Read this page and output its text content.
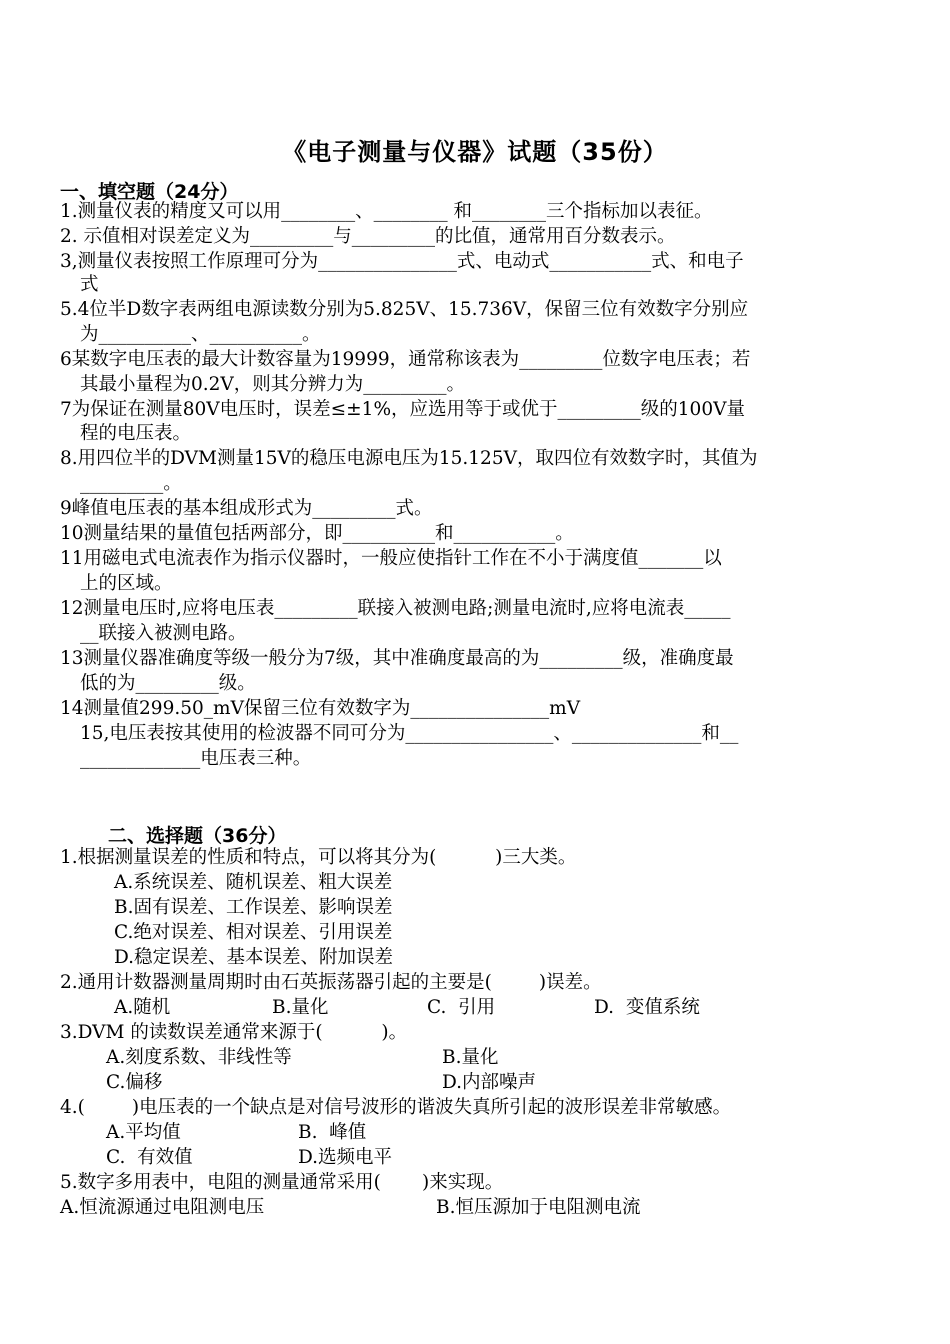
《电子测量与仪器》试题（35份）
一、填空题（24分）
1.测量仪表的精度又可以用________、________ 和________三个指标加以表征。
2. 示值相对误差定义为_________与_________的比值，通常用百分数表示。
3,测量仪表按照工作原理可分为_______________式、电动式___________式、和电子
式
5.4位半D数字表两组电源读数分别为5.825V、15.736V，保留三位有效数字分别应
为__________、__________。
6某数字电压表的最大计数容量为19999，通常称该表为_________位数字电压表；若
其最小量程为0.2V，则其分辨力为_________。
7为保证在测量80V电压时，误差≤±1%，应选用等于或优于_________级的100V量
程的电压表。
8.用四位半的DVM测量15V的稳压电源电压为15.125V，取四位有效数字时，其值为
_________。
9峰值电压表的基本组成形式为_________式。
10测量结果的量值包括两部分，即__________和___________。
11用磁电式电流表作为指示仪器时，一般应使指针工作在不小于满度值_______以
上的区域。
12测量电压时,应将电压表_________联接入被测电路;测量电流时,应将电流表_____
__联接入被测电路。
13测量仪器准确度等级一般分为7级，其中准确度最高的为_________级，准确度最
低的为_________级。
14测量值299.50_mV保留三位有效数字为_______________mV
15,电压表按其使用的检波器不同可分为________________、______________和__
_____________电压表三种。
二、选择题（36分）
1.根据测量误差的性质和特点，可以将其分为(          )三大类。
A.系统误差、随机误差、粗大误差
B.固有误差、工作误差、影响误差
C.绝对误差、相对误差、引用误差
D.稳定误差、基本误差、附加误差
2.通用计数器测量周期时由石英振荡器引起的主要是(        )误差。
A.随机	B.量化	C.  引用	D.  变值系统
3.DVM 的读数误差通常来源于(          )。
A.刻度系数、非线性等	B.量化
C.偏移	D.内部噪声
4.(        )电压表的一个缺点是对信号波形的谐波失真所引起的波形误差非常敏感。
A.平均值	B.  峰值
C.  有效值	D.选频电平
5.数字多用表中，电阻的测量通常采用(       )来实现。
A.恒流源通过电阻测电压	B.恒压源加于电阻测电流
